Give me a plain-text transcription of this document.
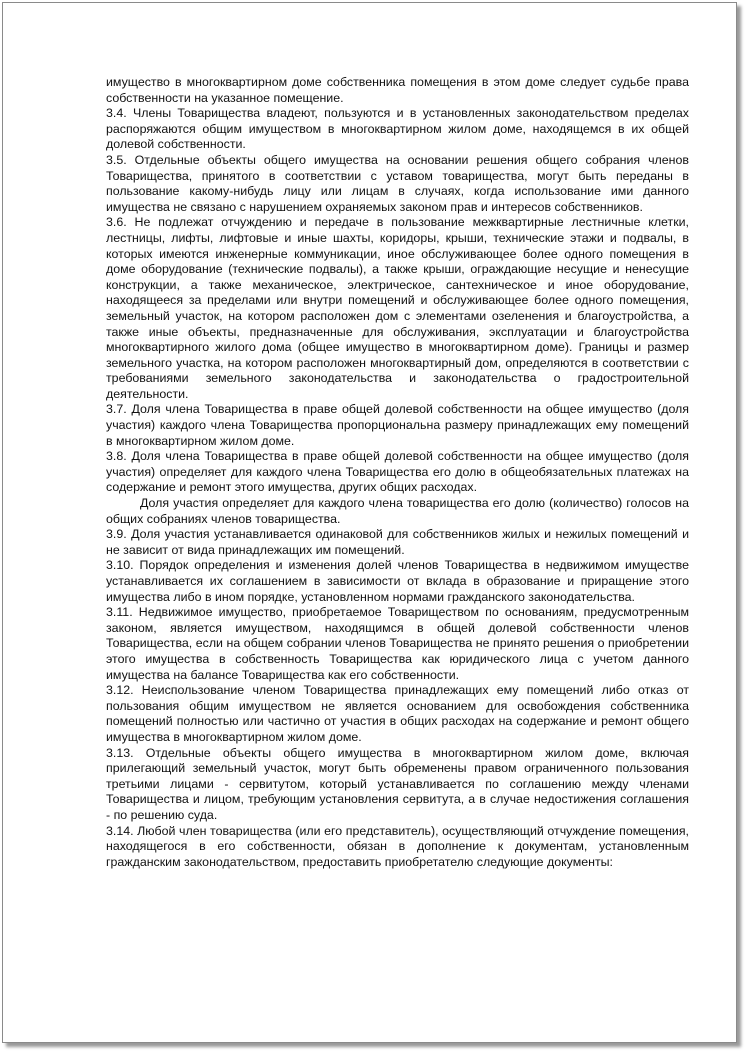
имущество в многоквартирном доме собственника помещения в этом доме следует судьбе права собственности на указанное помещение.

3.4. Члены Товарищества владеют, пользуются и в установленных законодательством пределах распоряжаются общим имуществом в многоквартирном жилом доме, находящемся в их общей долевой собственности.

3.5. Отдельные объекты общего имущества на основании решения общего собрания членов Товарищества, принятого в соответствии с уставом товарищества, могут быть переданы в пользование какому-нибудь лицу или лицам в случаях, когда использование ими данного имущества не связано с нарушением охраняемых законом прав и интересов собственников.

3.6. Не подлежат отчуждению и передаче в пользование межквартирные лестничные клетки, лестницы, лифты, лифтовые и иные шахты, коридоры, крыши, технические этажи и подвалы, в которых имеются инженерные коммуникации, иное обслуживающее более одного помещения в доме оборудование (технические подвалы), а также крыши, ограждающие несущие и ненесущие конструкции, а также механическое, электрическое, сантехническое и иное оборудование, находящееся за пределами или внутри помещений и обслуживающее более одного помещения, земельный участок, на котором расположен дом с элементами озеленения и благоустройства, а также иные объекты, предназначенные для обслуживания, эксплуатации и благоустройства многоквартирного жилого дома (общее имущество в многоквартирном доме). Границы и размер земельного участка, на котором расположен многоквартирный дом, определяются в соответствии с требованиями земельного законодательства и законодательства о градостроительной деятельности.

3.7. Доля члена Товарищества в праве общей долевой собственности на общее имущество (доля участия) каждого члена Товарищества пропорциональна размеру принадлежащих ему помещений в многоквартирном жилом доме.

3.8. Доля члена Товарищества в праве общей долевой собственности на общее имущество (доля участия) определяет для каждого члена Товарищества его долю в общеобязательных платежах на содержание и ремонт этого имущества, других общих расходах.

Доля участия определяет для каждого члена товарищества его долю (количество) голосов на общих собраниях членов товарищества.

3.9. Доля участия устанавливается одинаковой для собственников жилых и нежилых помещений и не зависит от вида принадлежащих им помещений.

3.10. Порядок определения и изменения долей членов Товарищества в недвижимом имуществе устанавливается их соглашением в зависимости от вклада в образование и приращение этого имущества либо в ином порядке, установленном нормами гражданского законодательства.

3.11. Недвижимое имущество, приобретаемое Товариществом по основаниям, предусмотренным законом, является имуществом, находящимся в общей долевой собственности членов Товарищества, если на общем собрании членов Товарищества не принято решения о приобретении этого имущества в собственность Товарищества как юридического лица с учетом данного имущества на балансе Товарищества как его собственности.

3.12. Неиспользование членом Товарищества принадлежащих ему помещений либо отказ от пользования общим имуществом не является основанием для освобождения собственника помещений полностью или частично от участия в общих расходах на содержание и ремонт общего имущества в многоквартирном жилом доме.

3.13. Отдельные объекты общего имущества в многоквартирном жилом доме, включая прилегающий земельный участок, могут быть обременены правом ограниченного пользования третьими лицами - сервитутом, который устанавливается по соглашению между членами Товарищества и лицом, требующим установления сервитута, а в случае недостижения соглашения - по решению суда.

3.14. Любой член товарищества (или его представитель), осуществляющий отчуждение помещения, находящегося в его собственности, обязан в дополнение к документам, установленным гражданским законодательством, предоставить приобретателю следующие документы:
